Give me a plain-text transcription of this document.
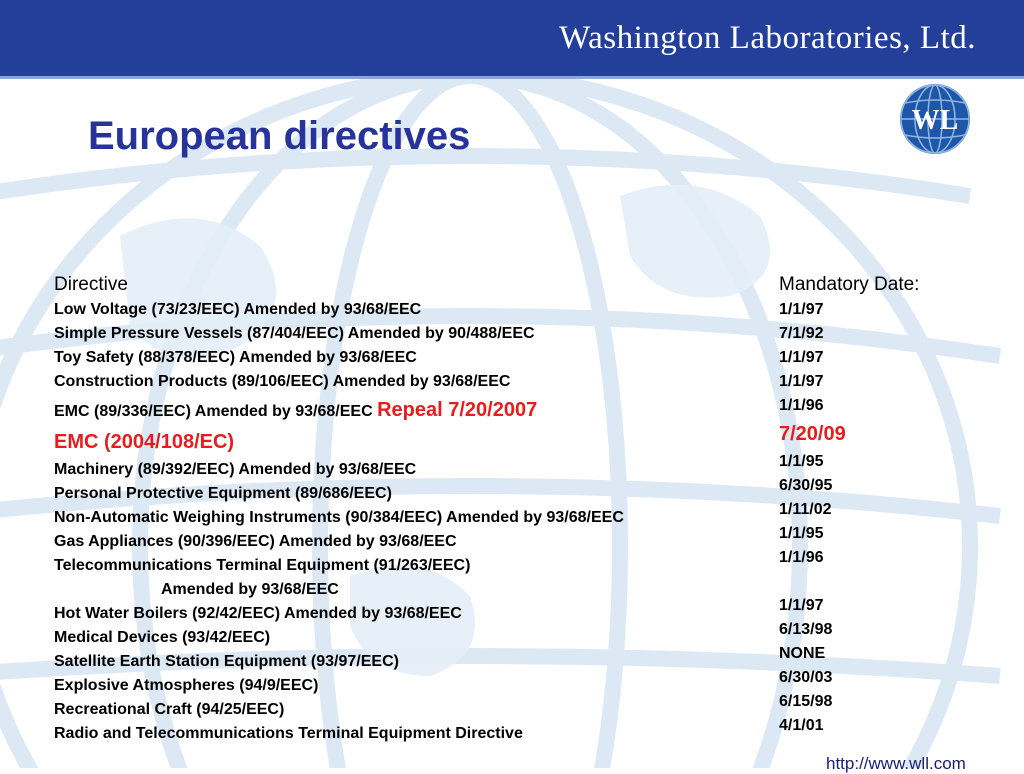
Washington Laboratories, Ltd.
WL
European directives
Directive
Low Voltage (73/23/EEC) Amended by 93/68/EEC
Simple Pressure Vessels (87/404/EEC) Amended by 90/488/EEC
Toy Safety (88/378/EEC) Amended by 93/68/EEC
Construction Products (89/106/EEC) Amended by 93/68/EEC
EMC (89/336/EEC) Amended by 93/68/EEC Repeal 7/20/2007
EMC (2004/108/EC)
Machinery (89/392/EEC) Amended by 93/68/EEC
Personal Protective Equipment (89/686/EEC)
Non-Automatic Weighing Instruments (90/384/EEC) Amended by 93/68/EEC
Gas Appliances (90/396/EEC) Amended by 93/68/EEC
Telecommunications Terminal Equipment (91/263/EEC)
Amended by 93/68/EEC
Hot Water Boilers (92/42/EEC) Amended by 93/68/EEC
Medical Devices (93/42/EEC)
Satellite Earth Station Equipment (93/97/EEC)
Explosive Atmospheres (94/9/EEC)
Recreational Craft (94/25/EEC)
Radio and Telecommunications Terminal Equipment Directive
Mandatory Date:
1/1/97
7/1/92
1/1/97
1/1/97
1/1/96
7/20/09
1/1/95
6/30/95
1/11/02
1/1/95
1/1/96
1/1/97
6/13/98
NONE
6/30/03
6/15/98
4/1/01
http://www.wll.com
